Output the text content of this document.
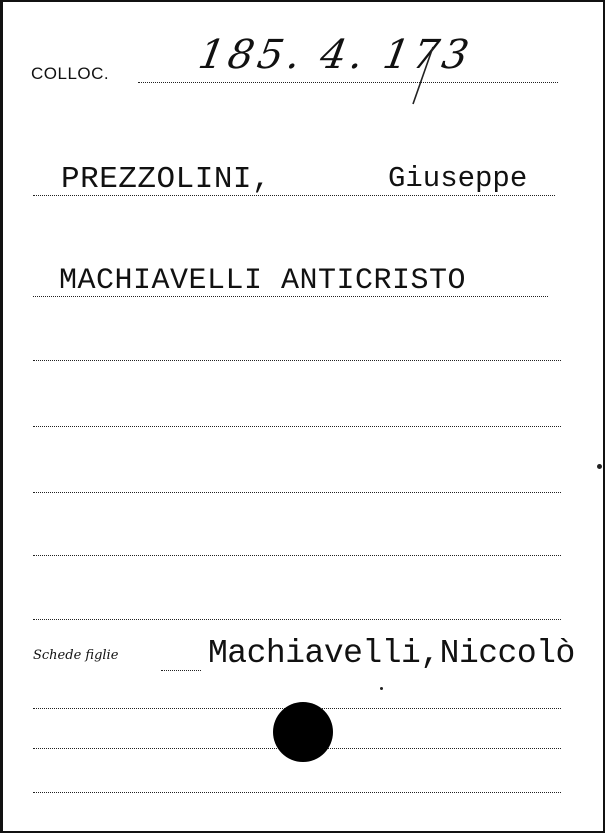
COLLOC. 185. 4. 173
PREZZOLINI,	Giuseppe
MACHIAVELLI ANTICRISTO
Schede figlie	Machiavelli,Niccolò
